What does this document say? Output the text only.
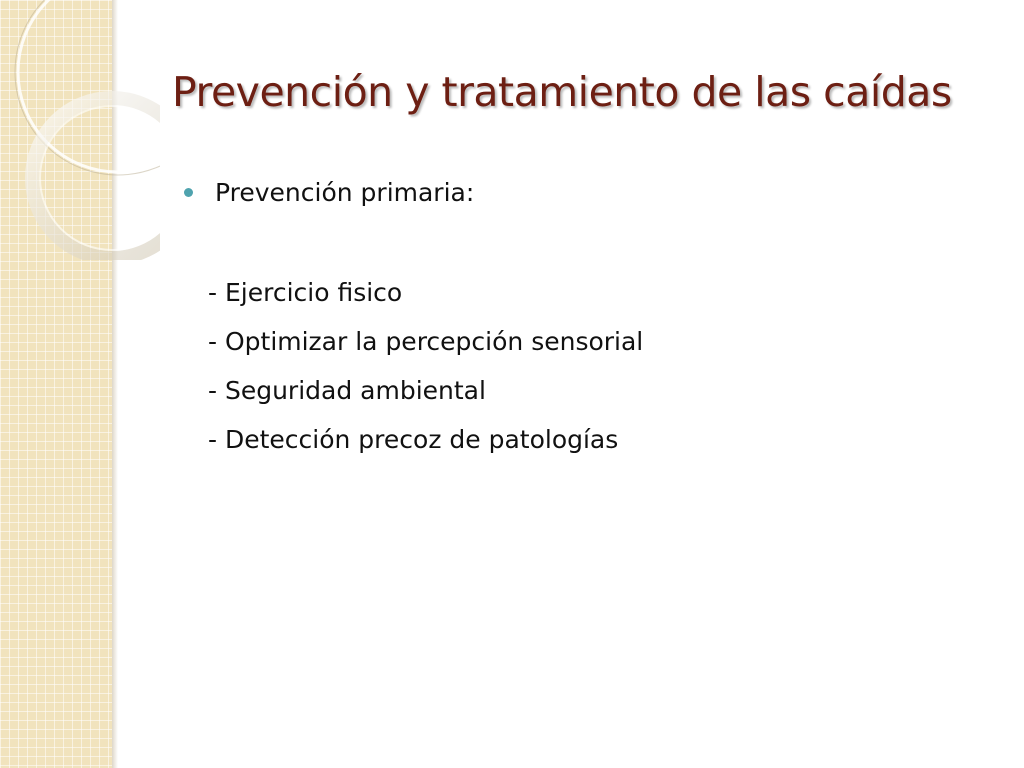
Prevención y tratamiento de las caídas
Prevención primaria:
- Ejercicio fisico
- Optimizar la percepción sensorial
- Seguridad ambiental
- Detección precoz de patologías
